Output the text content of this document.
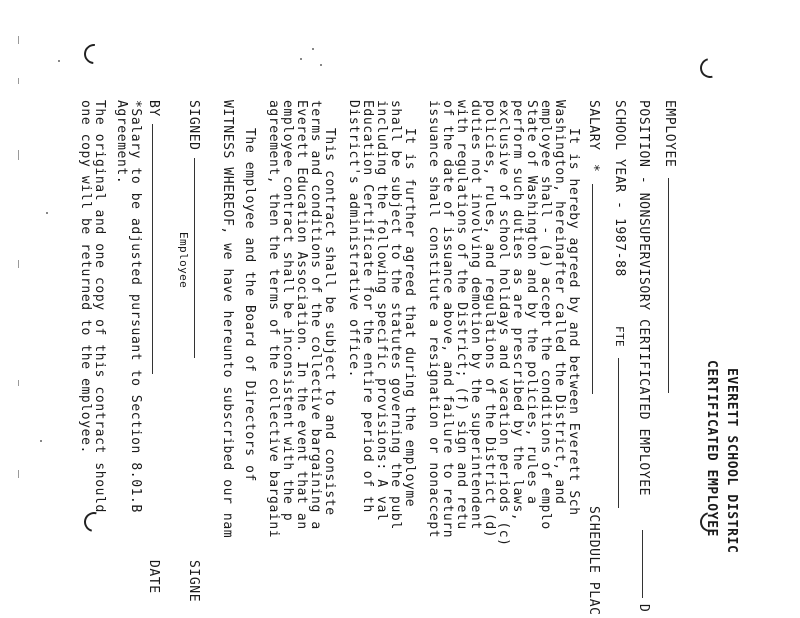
EVERETT SCHOOL DISTRIC
CERTIFICATED EMPLOYEE
EMPLOYEE
POSITION - NONSUPERVISORY CERTIFICATED EMPLOYEE
D
SCHOOL YEAR - 1987-88
FTE
SALARY
*
SCHEDULE PLAC
It is hereby agreed by and between Everett Sch
Washington, hereinafter called the District, and
employee shall - (a) accept the conditions of emplo
State of Washington and by the policies, rules a
perform such duties as are prescribed by the laws,
exclusive of school holidays and vacation periods (c)
policies, rules, and regulations of the District (d)
duties not involving demotion by the superintendent
with regulations of the District; (f) sign and retu
of the date of issuance above, and failure to return
issuance shall constitute a resignation or nonaccept
It is further agreed that during the employme
shall be subject to the statutes governing the publ
including the following specific provisions: A val
Education Certificate for the entire period of th
District's administrative office.
This contract shall be subject to and consiste
terms and conditions of the collective bargaining a
Everett Education Association. In the event that an
employee contract shall be inconsistent with the p
agreement, then the terms of the collective bargaini
The employee and the Board of Directors of
WITNESS WHEREOF, we have hereunto subscribed our nam
SIGNED
Employee
SIGNE
BY
DATE
*Salary to be adjusted pursuant to Section 8.01.B
Agreement.
The original and one copy of this contract should
one copy will be returned to the employee.
